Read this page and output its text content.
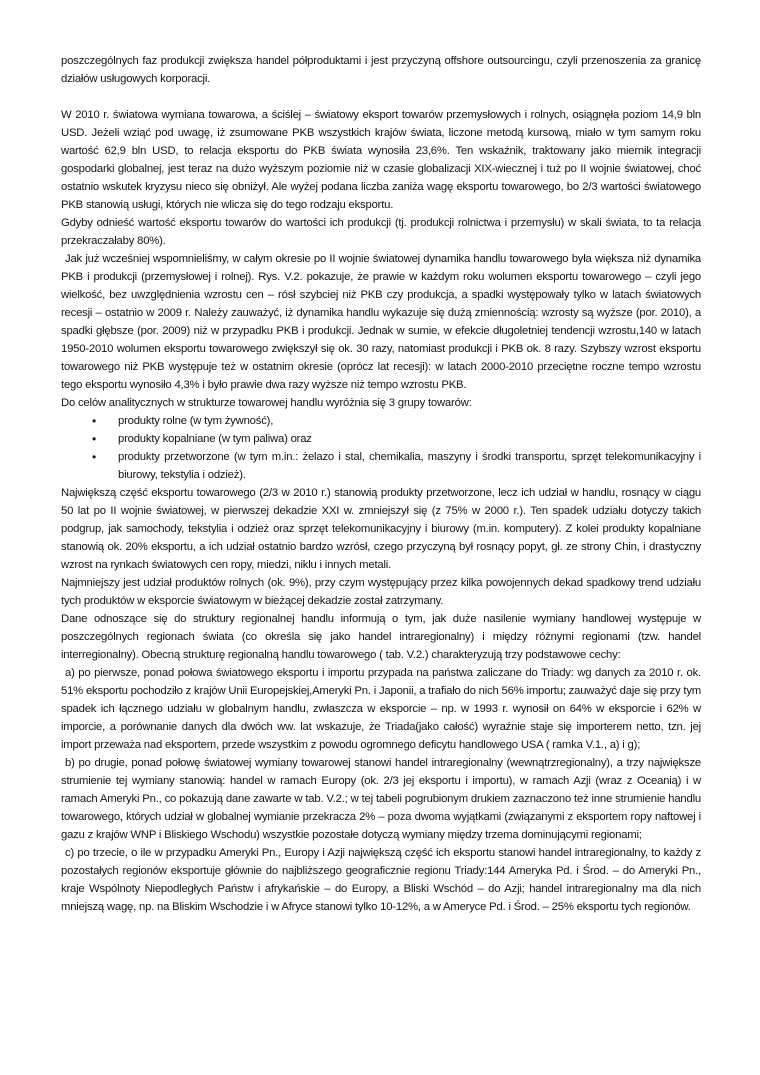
poszczególnych faz produkcji zwiększa handel półproduktami i jest przyczyną offshore outsourcingu, czyli przenoszenia za granicę działów usługowych korporacji.

W 2010 r. światowa wymiana towarowa, a ściślej – światowy eksport towarów przemysłowych i rolnych, osiągnęła poziom 14,9 bln USD. Jeżeli wziąć pod uwagę, iż zsumowane PKB wszystkich krajów świata, liczone metodą kursową, miało w tym samym roku wartość 62,9 bln USD, to relacja eksportu do PKB świata wynosiła 23,6%. Ten wskaźnik, traktowany jako miernik integracji gospodarki globalnej, jest teraz na dużo wyższym poziomie niż w czasie globalizacji XIX-wiecznej i tuż po II wojnie światowej, choć ostatnio wskutek kryzysu nieco się obniżył. Ale wyżej podana liczba zaniża wagę eksportu towarowego, bo 2/3 wartości światowego PKB stanowią usługi, których nie wlicza się do tego rodzaju eksportu.

Gdyby odnieść wartość eksportu towarów do wartości ich produkcji (tj. produkcji rolnictwa i przemysłu) w skali świata, to ta relacja przekraczałaby 80%).

Jak już wcześniej wspomnieliśmy, w całym okresie po II wojnie światowej dynamika handlu towarowego była większa niż dynamika PKB i produkcji (przemysłowej i rolnej). Rys. V.2. pokazuje, że prawie w każdym roku wolumen eksportu towarowego – czyli jego wielkość, bez uwzględnienia wzrostu cen – rósł szybciej niż PKB czy produkcja, a spadki występowały tylko w latach światowych recesji – ostatnio w 2009 r. Należy zauważyć, iż dynamika handlu wykazuje się dużą zmiennością: wzrosty są wyższe (por. 2010), a spadki głębsze (por. 2009) niż w przypadku PKB i produkcji. Jednak w sumie, w efekcie długoletniej tendencji wzrostu,140 w latach 1950-2010 wolumen eksportu towarowego zwiększył się ok. 30 razy, natomiast produkcji i PKB ok. 8 razy. Szybszy wzrost eksportu towarowego niż PKB występuje też w ostatnim okresie (oprócz lat recesji): w latach 2000-2010 przeciętne roczne tempo wzrostu tego eksportu wynosiło 4,3% i było prawie dwa razy wyższe niż tempo wzrostu PKB.

Do celów analitycznych w strukturze towarowej handlu wyróżnia się 3 grupy towarów:

• produkty rolne (w tym żywność),
• produkty kopalniane (w tym paliwa) oraz
• produkty przetworzone (w tym m.in.: żelazo i stal, chemikalia, maszyny i środki transportu, sprzęt telekomunikacyjny i biurowy, tekstylia i odzież).

Największą część eksportu towarowego (2/3 w 2010 r.) stanowią produkty przetworzone, lecz ich udział w handlu, rosnący w ciągu 50 lat po II wojnie światowej, w pierwszej dekadzie XXI w. zmniejszył się (z 75% w 2000 r.). Ten spadek udziału dotyczy takich podgrup, jak samochody, tekstylia i odzież oraz sprzęt telekomunikacyjny i biurowy (m.in. komputery). Z kolei produkty kopalniane stanowią ok. 20% eksportu, a ich udział ostatnio bardzo wzrósł, czego przyczyną był rosnący popyt, gł. ze strony Chin, i drastyczny wzrost na rynkach światowych cen ropy, miedzi, niklu i innych metali.

Najmniejszy jest udział produktów rolnych (ok. 9%), przy czym występujący przez kilka powojennych dekad spadkowy trend udziału tych produktów w eksporcie światowym w bieżącej dekadzie został zatrzymany.

Dane odnoszące się do struktury regionalnej handlu informują o tym, jak duże nasilenie wymiany handlowej występuje w poszczególnych regionach świata (co określa się jako handel intraregionalny) i między różnymi regionami (tzw. handel interregionalny). Obecną strukturę regionalną handlu towarowego ( tab. V.2.) charakteryzują trzy podstawowe cechy:

a) po pierwsze, ponad połowa światowego eksportu i importu przypada na państwa zaliczane do Triady: wg danych za 2010 r. ok. 51% eksportu pochodziło z krajów Unii Europejskiej,Ameryki Pn. i Japonii, a trafiało do nich 56% importu; zauważyć daje się przy tym spadek ich łącznego udziału w globalnym handlu, zwłaszcza w eksporcie – np. w 1993 r. wynosił on 64% w eksporcie i 62% w imporcie, a porównanie danych dla dwóch ww. lat wskazuje, że Triada(jako całość) wyraźnie staje się importerem netto, tzn. jej import przeważa nad eksportem, przede wszystkim z powodu ogromnego deficytu handlowego USA ( ramka V.1., a) i g);

b) po drugie, ponad połowę światowej wymiany towarowej stanowi handel intraregionalny (wewnątrzregionalny), a trzy największe strumienie tej wymiany stanowią: handel w ramach Europy (ok. 2/3 jej eksportu i importu), w ramach Azji (wraz z Oceanią) i w ramach Ameryki Pn., co pokazują dane zawarte w tab. V.2.; w tej tabeli pogrubionym drukiem zaznaczono też inne strumienie handlu towarowego, których udział w globalnej wymianie przekracza 2% – poza dwoma wyjątkami (związanymi z eksportem ropy naftowej i gazu z krajów WNP i Bliskiego Wschodu) wszystkie pozostałe dotyczą wymiany między trzema dominującymi regionami;

c) po trzecie, o ile w przypadku Ameryki Pn., Europy i Azji największą część ich eksportu stanowi handel intraregionalny, to każdy z pozostałych regionów eksportuje głównie do najbliższego geograficznie regionu Triady:144 Ameryka Pd. i Środ. – do Ameryki Pn., kraje Wspólnoty Niepodległych Państw i afrykańskie – do Europy, a Bliski Wschód – do Azji; handel intraregionalny ma dla nich mniejszą wagę, np. na Bliskim Wschodzie i w Afryce stanowi tylko 10-12%, a w Ameryce Pd. i Środ. – 25% eksportu tych regionów.
